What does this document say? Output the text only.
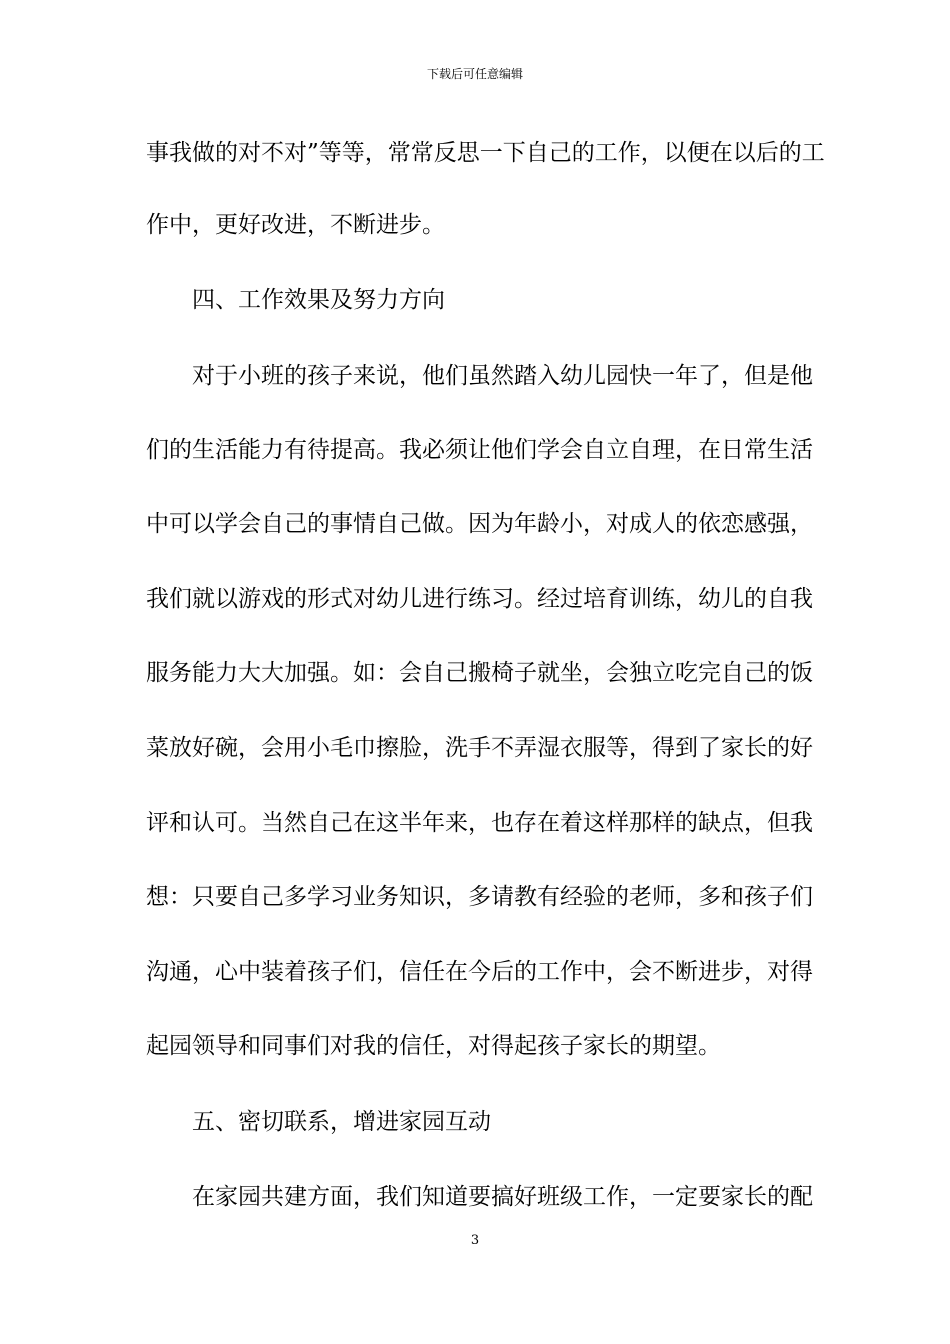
下载后可任意编辑
事我做的对不对”等等，常常反思一下自己的工作，以便在以后的工
作中，更好改进，不断进步。
四、工作效果及努力方向
对于小班的孩子来说，他们虽然踏入幼儿园快一年了，但是他
们的生活能力有待提高。我必须让他们学会自立自理，在日常生活
中可以学会自己的事情自己做。因为年龄小，对成人的依恋感强，
我们就以游戏的形式对幼儿进行练习。经过培育训练，幼儿的自我
服务能力大大加强。如：会自己搬椅子就坐，会独立吃完自己的饭
菜放好碗，会用小毛巾擦脸，洗手不弄湿衣服等，得到了家长的好
评和认可。当然自己在这半年来，也存在着这样那样的缺点，但我
想：只要自己多学习业务知识，多请教有经验的老师，多和孩子们
沟通，心中装着孩子们，信任在今后的工作中，会不断进步，对得
起园领导和同事们对我的信任，对得起孩子家长的期望。
五、密切联系，增进家园互动
在家园共建方面，我们知道要搞好班级工作，一定要家长的配
3
